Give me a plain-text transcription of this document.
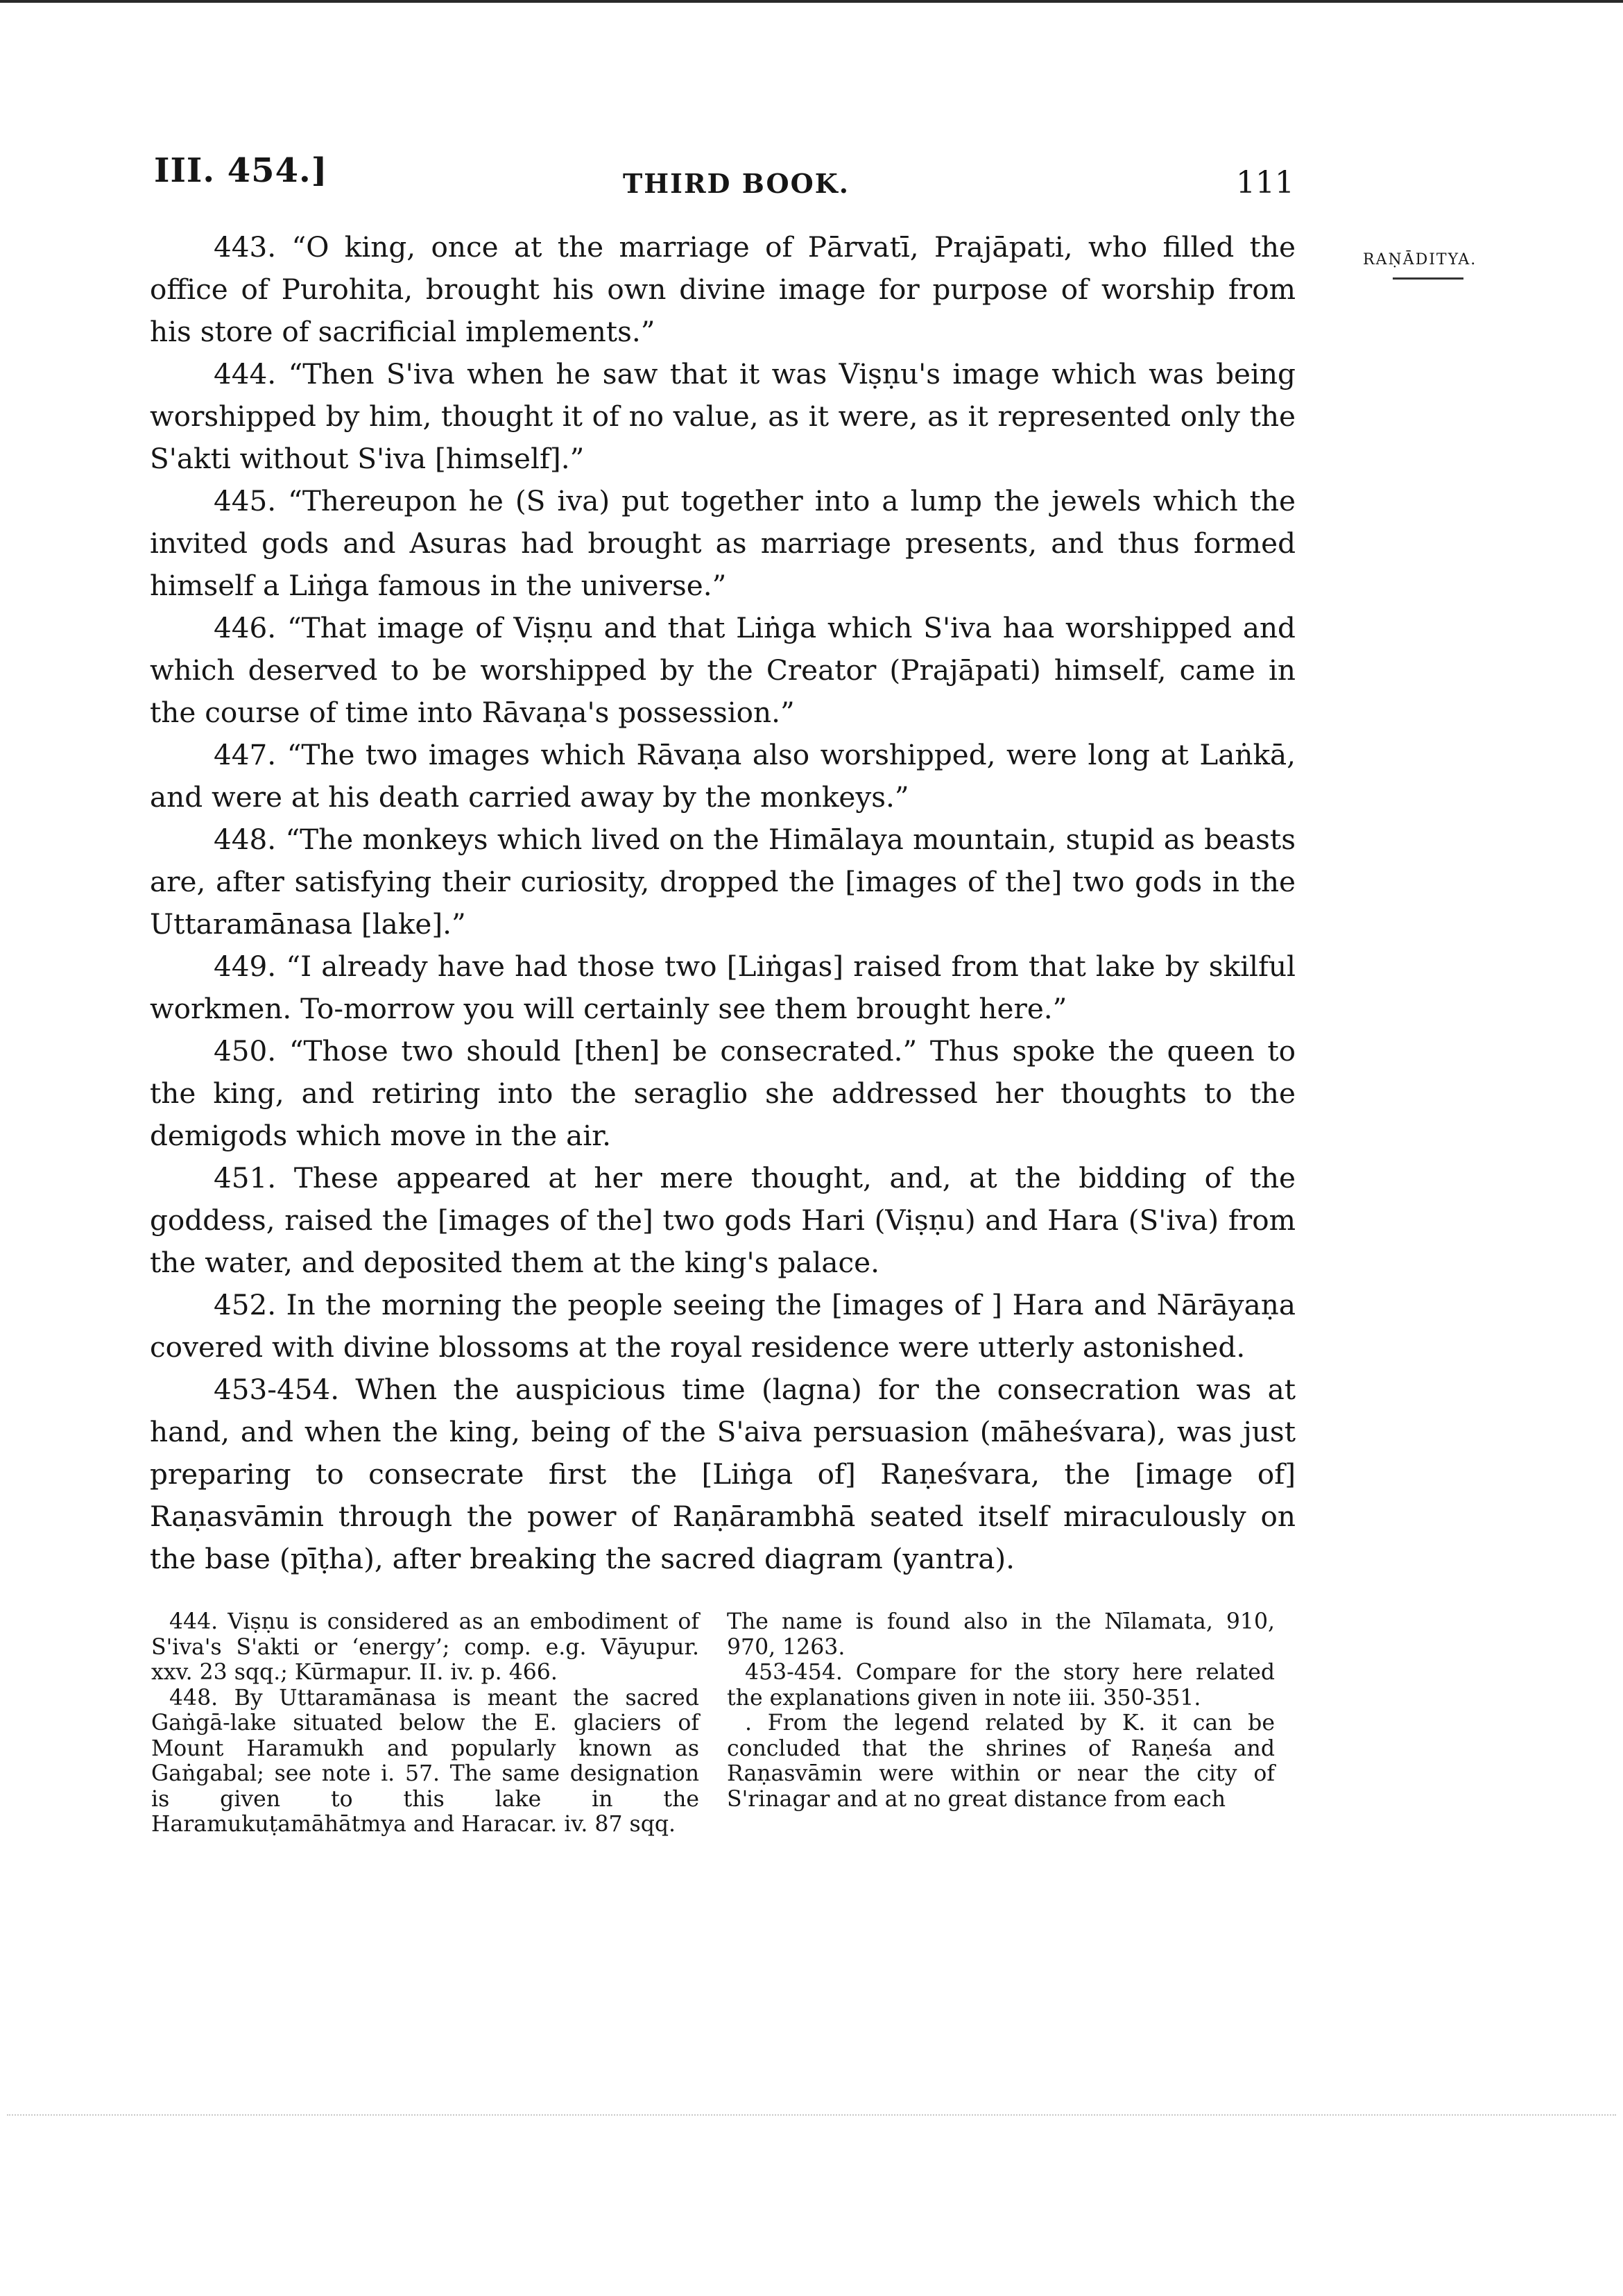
III. 454.]	THIRD BOOK.	111
RAṆĀDITYA.

443. “O king, once at the marriage of Pārvatī, Prajāpati, who filled the office of Purohita, brought his own divine image for purpose of worship from his store of sacrificial implements.”

444. “Then S'iva when he saw that it was Viṣṇu's image which was being worshipped by him, thought it of no value, as it were, as it represented only the S'akti without S'iva [himself].”

445. “Thereupon he (S iva) put together into a lump the jewels which the invited gods and Asuras had brought as marriage presents, and thus formed himself a Liṅga famous in the universe.”

446. “That image of Viṣṇu and that Liṅga which S'iva haa worshipped and which deserved to be worshipped by the Creator (Prajāpati) himself, came in the course of time into Rāvaṇa's possession.”

447. “The two images which Rāvaṇa also worshipped, were long at Laṅkā, and were at his death carried away by the monkeys.”

448. “The monkeys which lived on the Himālaya mountain, stupid as beasts are, after satisfying their curiosity, dropped the [images of the] two gods in the Uttaramānasa [lake].”

449. “I already have had those two [Liṅgas] raised from that lake by skilful workmen. To-morrow you will certainly see them brought here.”

450. “Those two should [then] be consecrated.” Thus spoke the queen to the king, and retiring into the seraglio she addressed her thoughts to the demigods which move in the air.

451. These appeared at her mere thought, and, at the bidding of the goddess, raised the [images of the] two gods Hari (Viṣṇu) and Hara (S'iva) from the water, and deposited them at the king's palace.

452. In the morning the people seeing the [images of ] Hara and Nārāyaṇa covered with divine blossoms at the royal residence were utterly astonished.

453-454. When the auspicious time (lagna) for the consecration was at hand, and when the king, being of the S'aiva persuasion (māheśvara), was just preparing to consecrate first the [Liṅga of] Raṇeśvara, the [image of] Raṇasvāmin through the power of Raṇārambhā seated itself miraculously on the base (pīṭha), after breaking the sacred diagram (yantra).

444. Viṣṇu is considered as an embodiment of S'iva's S'akti or ‘energy’; comp. e.g. Vāyupur. xxv. 23 sqq.; Kūrmapur. II. iv. p. 466.

448. By Uttaramānasa is meant the sacred Gaṅgā-lake situated below the E. glaciers of Mount Haramukh and popularly known as Gaṅgabal; see note i. 57. The same designation is given to this lake in the Haramukuṭamāhātmya and Haracar. iv. 87 sqq.

The name is found also in the Nīlamata, 910, 970, 1263.

453-454. Compare for the story here related the explanations given in note iii. 350-351.

. From the legend related by K. it can be concluded that the shrines of Raṇeśa and Raṇasvāmin were within or near the city of S'rinagar and at no great distance from each
